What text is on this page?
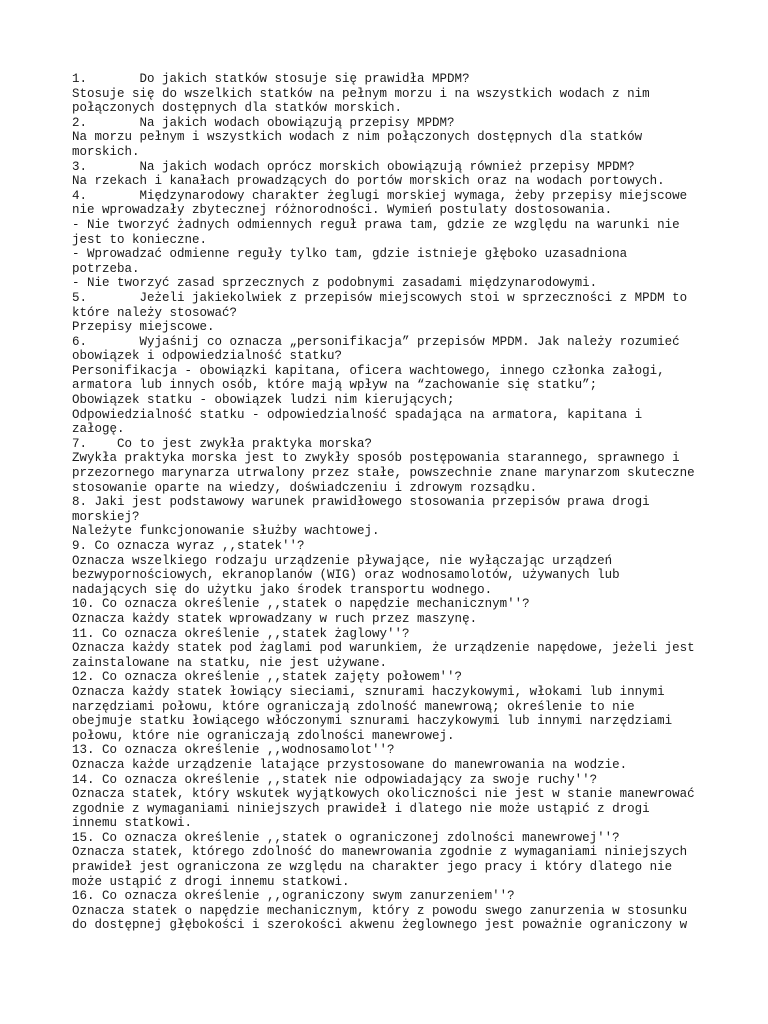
1.       Do jakich statków stosuje się prawidła MPDM?
Stosuje się do wszelkich statków na pełnym morzu i na wszystkich wodach z nim
połączonych dostępnych dla statków morskich.
2.       Na jakich wodach obowiązują przepisy MPDM?
Na morzu pełnym i wszystkich wodach z nim połączonych dostępnych dla statków
morskich.
3.       Na jakich wodach oprócz morskich obowiązują również przepisy MPDM?
Na rzekach i kanałach prowadzących do portów morskich oraz na wodach portowych.
4.       Międzynarodowy charakter żeglugi morskiej wymaga, żeby przepisy miejscowe
nie wprowadzały zbytecznej różnorodności. Wymień postulaty dostosowania.
- Nie tworzyć żadnych odmiennych reguł prawa tam, gdzie ze względu na warunki nie
jest to konieczne.
- Wprowadzać odmienne reguły tylko tam, gdzie istnieje głęboko uzasadniona
potrzeba.
- Nie tworzyć zasad sprzecznych z podobnymi zasadami międzynarodowymi.
5.       Jeżeli jakiekolwiek z przepisów miejscowych stoi w sprzeczności z MPDM to
które należy stosować?
Przepisy miejscowe.
6.       Wyjaśnij co oznacza „personifikacja” przepisów MPDM. Jak należy rozumieć
obowiązek i odpowiedzialność statku?
Personifikacja - obowiązki kapitana, oficera wachtowego, innego członka załogi,
armatora lub innych osób, które mają wpływ na “zachowanie się statku”;
Obowiązek statku - obowiązek ludzi nim kierujących;
Odpowiedzialność statku - odpowiedzialność spadająca na armatora, kapitana i
załogę.
7.    Co to jest zwykła praktyka morska?
Zwykła praktyka morska jest to zwykły sposób postępowania starannego, sprawnego i
przezornego marynarza utrwalony przez stałe, powszechnie znane marynarzom skuteczne
stosowanie oparte na wiedzy, doświadczeniu i zdrowym rozsądku.
8. Jaki jest podstawowy warunek prawidłowego stosowania przepisów prawa drogi
morskiej?
Należyte funkcjonowanie służby wachtowej.
9. Co oznacza wyraz ,,statek''?
Oznacza wszelkiego rodzaju urządzenie pływające, nie wyłączając urządzeń
bezwypornościowych, ekranoplanów (WIG) oraz wodnosamolotów, używanych lub
nadających się do użytku jako środek transportu wodnego.
10. Co oznacza określenie ,,statek o napędzie mechanicznym''?
Oznacza każdy statek wprowadzany w ruch przez maszynę.
11. Co oznacza określenie ,,statek żaglowy''?
Oznacza każdy statek pod żaglami pod warunkiem, że urządzenie napędowe, jeżeli jest
zainstalowane na statku, nie jest używane.
12. Co oznacza określenie ,,statek zajęty połowem''?
Oznacza każdy statek łowiący sieciami, sznurami haczykowymi, włokami lub innymi
narzędziami połowu, które ograniczają zdolność manewrową; określenie to nie
obejmuje statku łowiącego włóczonymi sznurami haczykowymi lub innymi narzędziami
połowu, które nie ograniczają zdolności manewrowej.
13. Co oznacza określenie ,,wodnosamolot''?
Oznacza każde urządzenie latające przystosowane do manewrowania na wodzie.
14. Co oznacza określenie ,,statek nie odpowiadający za swoje ruchy''?
Oznacza statek, który wskutek wyjątkowych okoliczności nie jest w stanie manewrować
zgodnie z wymaganiami niniejszych prawideł i dlatego nie może ustąpić z drogi
innemu statkowi.
15. Co oznacza określenie ,,statek o ograniczonej zdolności manewrowej''?
Oznacza statek, którego zdolność do manewrowania zgodnie z wymaganiami niniejszych
prawideł jest ograniczona ze względu na charakter jego pracy i który dlatego nie
może ustąpić z drogi innemu statkowi.
16. Co oznacza określenie ,,ograniczony swym zanurzeniem''?
Oznacza statek o napędzie mechanicznym, który z powodu swego zanurzenia w stosunku
do dostępnej głębokości i szerokości akwenu żeglownego jest poważnie ograniczony w
